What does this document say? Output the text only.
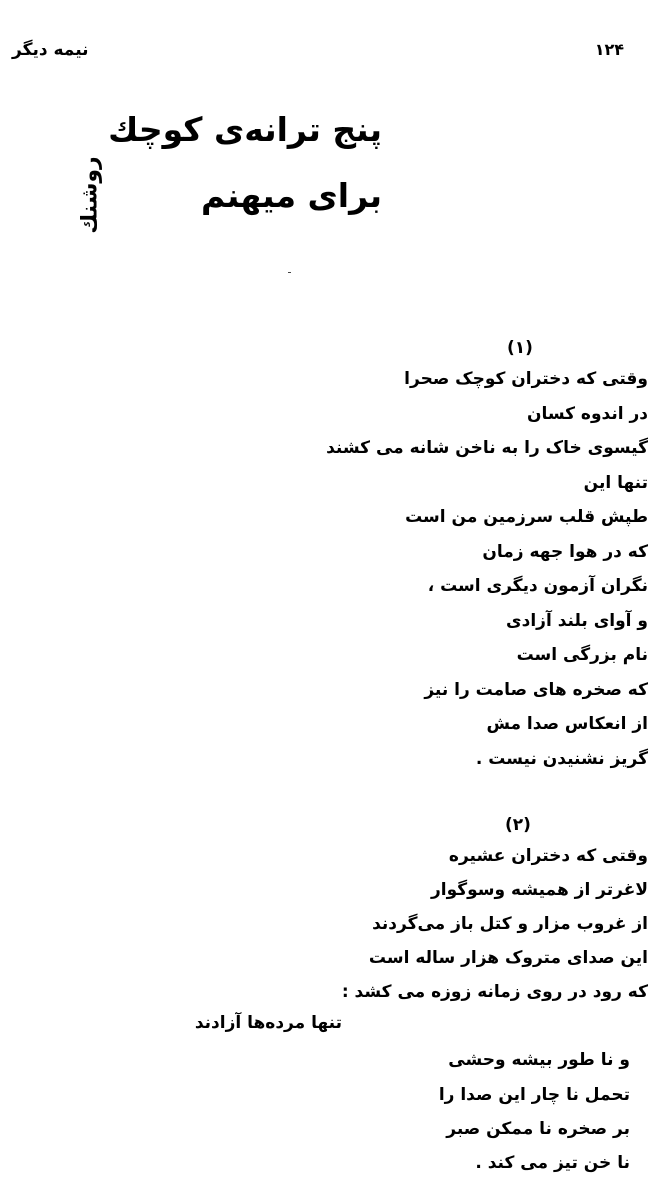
نیمه دیگر	۱۲۴
پنج ترانه‌ی کوچك
برای میهنم
روشنك
(۱)
وقتی که دختران کوچک صحرا
در اندوه کسان
گیسوی خاک را به ناخن شانه می کشند
تنها این
طپش قلب سرزمین من است
که در هوا جهه زمان
نگران آزمون دیگری است ،
و آوای بلند آزادی
نام بزرگی است
که صخره های صامت را نیز
از انعکاس صدا مش
گریز نشنیدن نیست .
(۲)
وقتی که دختران عشیره
لاغرتر از همیشه وسوگوار
از غروب مزار و کتل باز می‌گردند
این صدای متروک هزار ساله است
که رود در روی زمانه زوزه می کشد :
تنها مرده‌ها آزادند
و نا طور بیشه وحشی
تحمل نا چار این صدا را
بر صخره نا ممکن صبر
نا خن تیز می کند .
